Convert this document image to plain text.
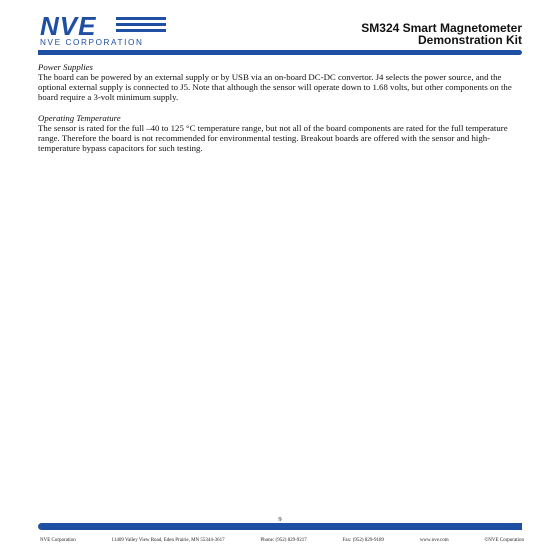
NVE
NVE CORPORATION
SM324 Smart Magnetometer
Demonstration Kit

Power Supplies

The board can be powered by an external supply or by USB via an on-board DC-DC convertor. J4 selects the power source, and the optional external supply is connected to J5. Note that although the sensor will operate down to 1.68 volts, but other components on the board require a 3-volt minimum supply.

Operating Temperature

The sensor is rated for the full –40 to 125 °C temperature range, but not all of the board components are rated for the full temperature range. Therefore the board is not recommended for environmental testing. Breakout boards are offered with the sensor and high-temperature bypass capacitors for such testing.

9
NVE Corporation	11409 Valley View Road, Eden Prairie, MN 55344-3617	Phone: (952) 829-9217	Fax: (952) 829-9189	www.nve.com	©NVE Corporation
